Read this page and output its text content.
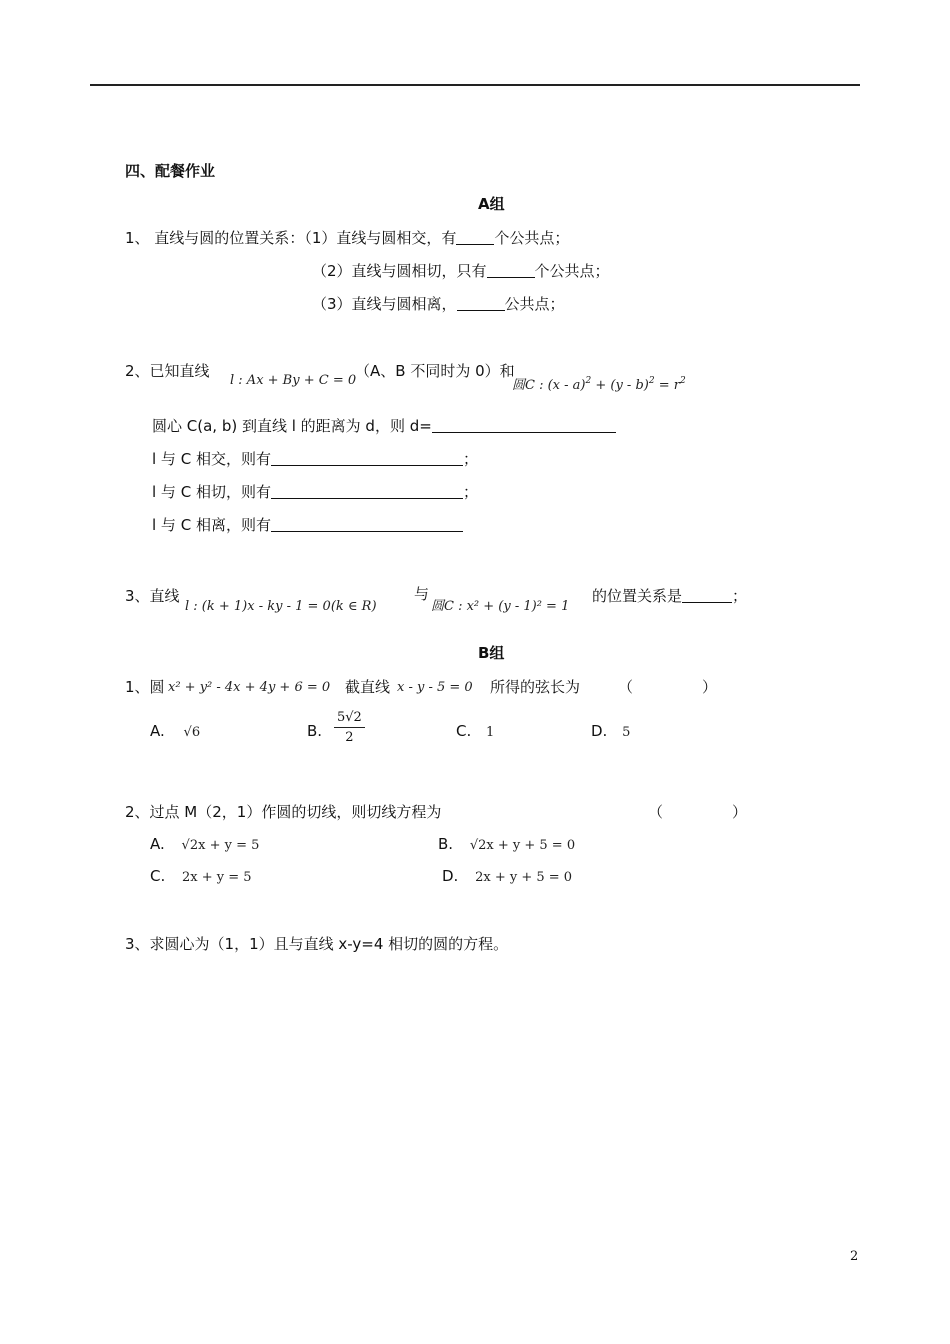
四、配餐作业
A组
1、 直线与圆的位置关系：（1）直线与圆相交，有	个公共点；
（2）直线与圆相切，只有	个公共点；
（3）直线与圆相离，	公共点；
2、已知直线
l : Ax + By + C = 0
（A、B 不同时为 0）和
圆C : $(x - a)^2 + (y - b)^2 = r^2$
圆心 C(a, b) 到直线 l 的距离为 d，则 d=
l 与 C 相交，则有	；
l 与 C 相切，则有	；
l 与 C 相离，则有
3、直线
l : (k + 1)x - ky - 1 = 0(k ∈ R)
与
圆C : x² + (y - 1)² = 1
的位置关系是	；
B组
1、圆 x² + y² - 4x + 4y + 6 = 0 截直线 x - y - 5 = 0 所得的弦长为	（	）
A. √6	B. $\frac{5√2}{2}$	C. 1	D. 5
2、过点 M（2，1）作圆的切线，则切线方程为	（	）
A. √2x + y = 5	B. √2x + y + 5 = 0
C. 2x + y = 5	D. 2x + y + 5 = 0
3、求圆心为（1，1）且与直线 x-y=4 相切的圆的方程。
2
